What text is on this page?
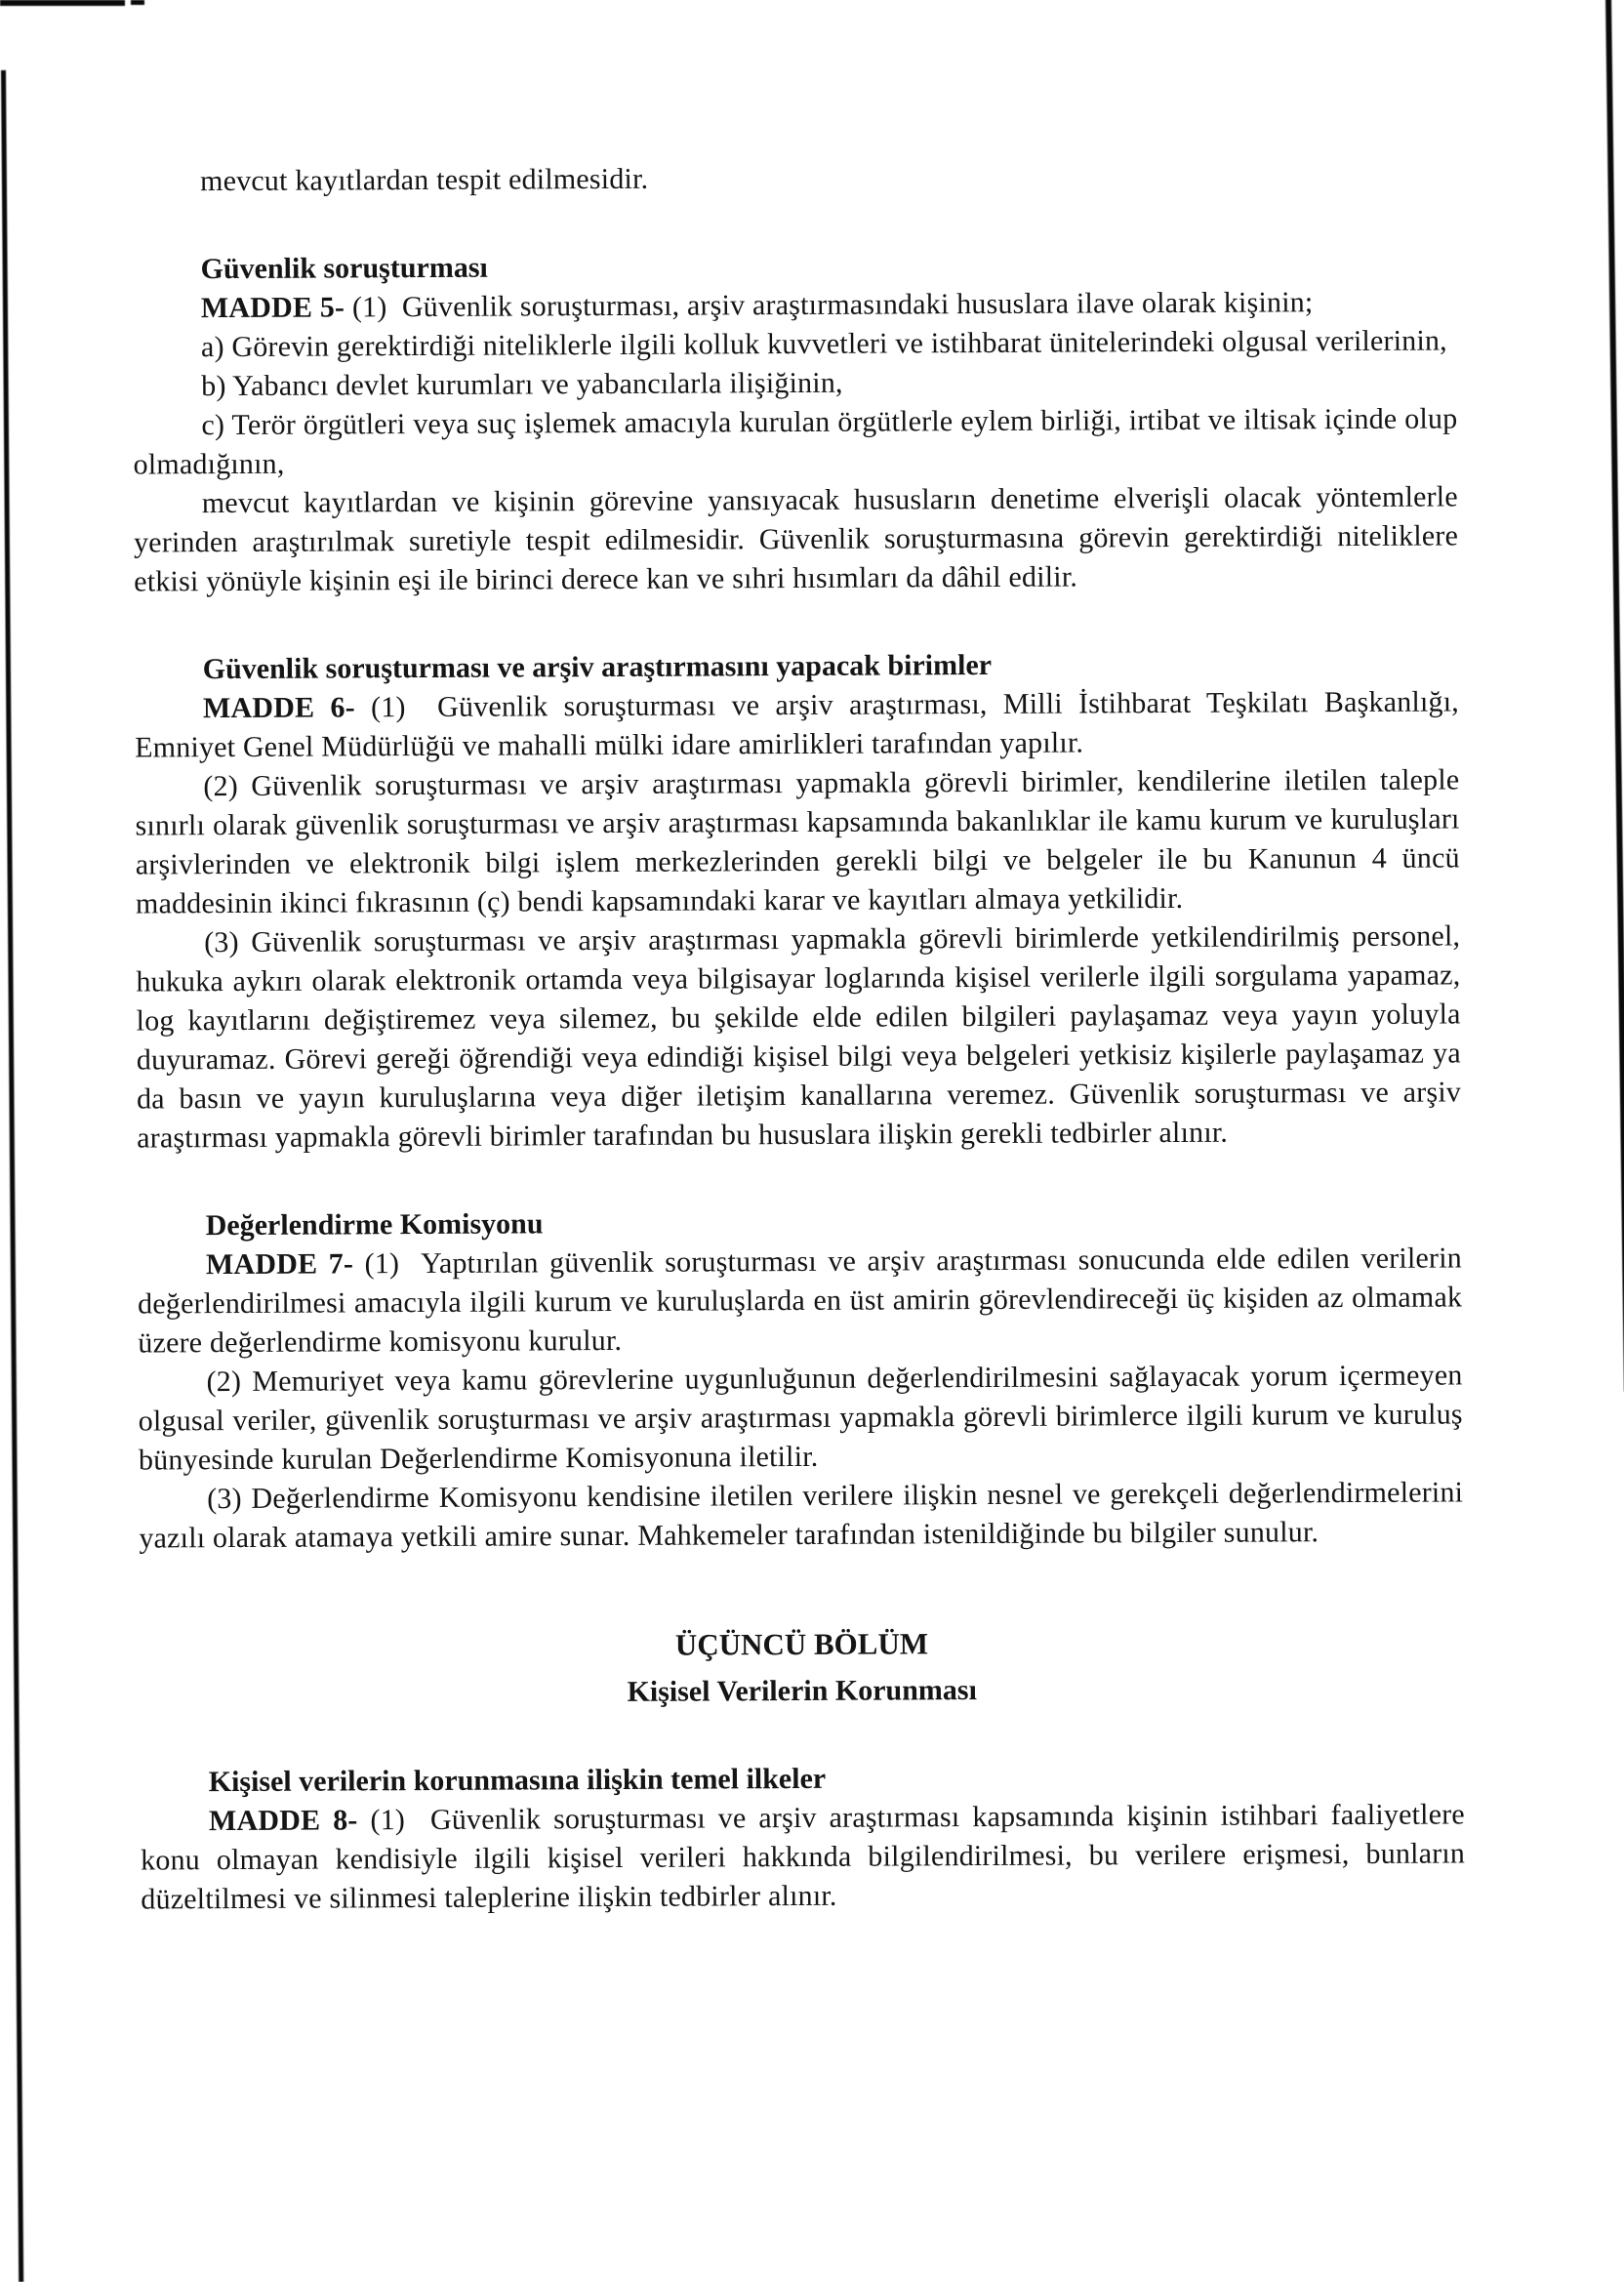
mevcut kayıtlardan tespit edilmesidir.

Güvenlik soruşturması

MADDE 5- (1)  Güvenlik soruşturması, arşiv araştırmasındaki hususlara ilave olarak kişinin;

a) Görevin gerektirdiği niteliklerle ilgili kolluk kuvvetleri ve istihbarat ünitelerindeki olgusal verilerinin,

b) Yabancı devlet kurumları ve yabancılarla ilişiğinin,

c) Terör örgütleri veya suç işlemek amacıyla kurulan örgütlerle eylem birliği, irtibat ve iltisak içinde olup olmadığının,

mevcut kayıtlardan ve kişinin görevine yansıyacak hususların denetime elverişli olacak yöntemlerle yerinden araştırılmak suretiyle tespit edilmesidir. Güvenlik soruşturmasına görevin gerektirdiği niteliklere etkisi yönüyle kişinin eşi ile birinci derece kan ve sıhri hısımları da dâhil edilir.

Güvenlik soruşturması ve arşiv araştırmasını yapacak birimler

MADDE 6- (1)  Güvenlik soruşturması ve arşiv araştırması, Milli İstihbarat Teşkilatı Başkanlığı, Emniyet Genel Müdürlüğü ve mahalli mülki idare amirlikleri tarafından yapılır.

(2) Güvenlik soruşturması ve arşiv araştırması yapmakla görevli birimler, kendilerine iletilen taleple sınırlı olarak güvenlik soruşturması ve arşiv araştırması kapsamında bakanlıklar ile kamu kurum ve kuruluşları arşivlerinden ve elektronik bilgi işlem merkezlerinden gerekli bilgi ve belgeler ile bu Kanunun 4 üncü maddesinin ikinci fıkrasının (ç) bendi kapsamındaki karar ve kayıtları almaya yetkilidir.

(3) Güvenlik soruşturması ve arşiv araştırması yapmakla görevli birimlerde yetkilendirilmiş personel, hukuka aykırı olarak elektronik ortamda veya bilgisayar loglarında kişisel verilerle ilgili sorgulama yapamaz, log kayıtlarını değiştiremez veya silemez, bu şekilde elde edilen bilgileri paylaşamaz veya yayın yoluyla duyuramaz. Görevi gereği öğrendiği veya edindiği kişisel bilgi veya belgeleri yetkisiz kişilerle paylaşamaz ya da basın ve yayın kuruluşlarına veya diğer iletişim kanallarına veremez. Güvenlik soruşturması ve arşiv araştırması yapmakla görevli birimler tarafından bu hususlara ilişkin gerekli tedbirler alınır.

Değerlendirme Komisyonu

MADDE 7- (1)  Yaptırılan güvenlik soruşturması ve arşiv araştırması sonucunda elde edilen verilerin değerlendirilmesi amacıyla ilgili kurum ve kuruluşlarda en üst amirin görevlendireceği üç kişiden az olmamak üzere değerlendirme komisyonu kurulur.

(2) Memuriyet veya kamu görevlerine uygunluğunun değerlendirilmesini sağlayacak yorum içermeyen olgusal veriler, güvenlik soruşturması ve arşiv araştırması yapmakla görevli birimlerce ilgili kurum ve kuruluş bünyesinde kurulan Değerlendirme Komisyonuna iletilir.

(3) Değerlendirme Komisyonu kendisine iletilen verilere ilişkin nesnel ve gerekçeli değerlendirmelerini yazılı olarak atamaya yetkili amire sunar. Mahkemeler tarafından istenildiğinde bu bilgiler sunulur.

ÜÇÜNCÜ BÖLÜM

Kişisel Verilerin Korunması

Kişisel verilerin korunmasına ilişkin temel ilkeler

MADDE 8- (1)  Güvenlik soruşturması ve arşiv araştırması kapsamında kişinin istihbari faaliyetlere konu olmayan kendisiyle ilgili kişisel verileri hakkında bilgilendirilmesi, bu verilere erişmesi, bunların düzeltilmesi ve silinmesi taleplerine ilişkin tedbirler alınır.
